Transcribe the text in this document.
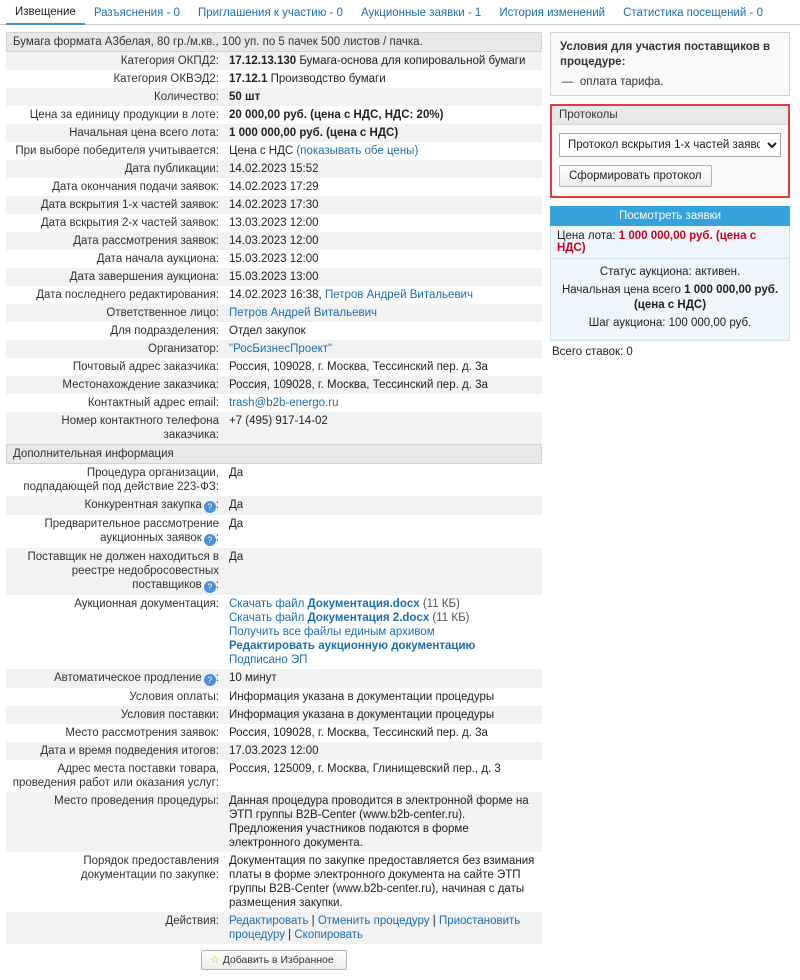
Извещение	Разъяснения - 0	Приглашения к участию - 0	Аукционные заявки - 1	История изменений	Статистика посещений - 0
Бумага формата А3белая, 80 гр./м.кв., 100 уп. по 5 пачек 500 листов / пачка.
Категория ОКПД2:	17.12.13.130 Бумага-основа для копировальной бумаги
Категория ОКВЭД2:	17.12.1 Производство бумаги
Количество:	50 шт
Цена за единицу продукции в лоте:	20 000,00 руб. (цена с НДС, НДС: 20%)
Начальная цена всего лота:	1 000 000,00 руб. (цена с НДС)
При выборе победителя учитывается:	Цена с НДС (показывать обе цены)
Дата публикации:	14.02.2023 15:52
Дата окончания подачи заявок:	14.02.2023 17:29
Дата вскрытия 1-х частей заявок:	14.02.2023 17:30
Дата вскрытия 2-х частей заявок:	13.03.2023 12:00
Дата рассмотрения заявок:	14.03.2023 12:00
Дата начала аукциона:	15.03.2023 12:00
Дата завершения аукциона:	15.03.2023 13:00
Дата последнего редактирования:	14.02.2023 16:38, Петров Андрей Витальевич
Ответственное лицо:	Петров Андрей Витальевич
Для подразделения:	Отдел закупок
Организатор:	"РосБизнесПроект"
Почтовый адрес заказчика:	Россия, 109028, г. Москва, Тессинский пер. д. 3а
Местонахождение заказчика:	Россия, 109028, г. Москва, Тессинский пер. д. 3а
Контактный адрес email:	trash@b2b-energo.ru
Номер контактного телефона заказчика:	+7 (495) 917-14-02
Дополнительная информация
Процедура организации, подпадающей под действие 223-ФЗ:	Да
Конкурентная закупка ? :	Да
Предварительное рассмотрение аукционных заявок ? :	Да
Поставщик не должен находиться в реестре недобросовестных поставщиков ? :	Да
Аукционная документация:	Скачать файл Документация.docx (11 КБ)
Скачать файл Документация 2.docx (11 КБ)
Получить все файлы единым архивом
Редактировать аукционную документацию
Подписано ЭП

Автоматическое продление ? :	10 минут
Условия оплаты:	Информация указана в документации процедуры
Условия поставки:	Информация указана в документации процедуры
Место рассмотрения заявок:	Россия, 109028, г. Москва, Тессинский пер. д. 3а
Дата и время подведения итогов:	17.03.2023 12:00
Адрес места поставки товара, проведения работ или оказания услуг:	Россия, 125009, г. Москва, Глинищевский пер., д. 3
Место проведения процедуры:	Данная процедура проводится в электронной форме на ЭТП группы B2B-Center (www.b2b-center.ru). Предложения участников подаются в форме электронного документа.
Порядок предоставления документации по закупке:	Документация по закупке предоставляется без взимания платы в форме электронного документа на сайте ЭТП группы B2B-Center (www.b2b-center.ru), начиная с даты размещения закупки.
Действия:	Редактировать | Отменить процедуру | Приостановить процедуру | Скопировать
☆ Добавить в Избранное
Условия для участия поставщиков в процедуре:
—  оплата тарифа.
Протоколы
Протокол вскрытия 1-х частей заявок Сформировать протокол
Посмотреть заявки
Цена лота: 1 000 000,00 руб. (цена с НДС)
Статус аукциона: активен.
Начальная цена всего 1 000 000,00 руб. (цена с НДС)
Шаг аукциона: 100 000,00 руб.
Всего ставок: 0
